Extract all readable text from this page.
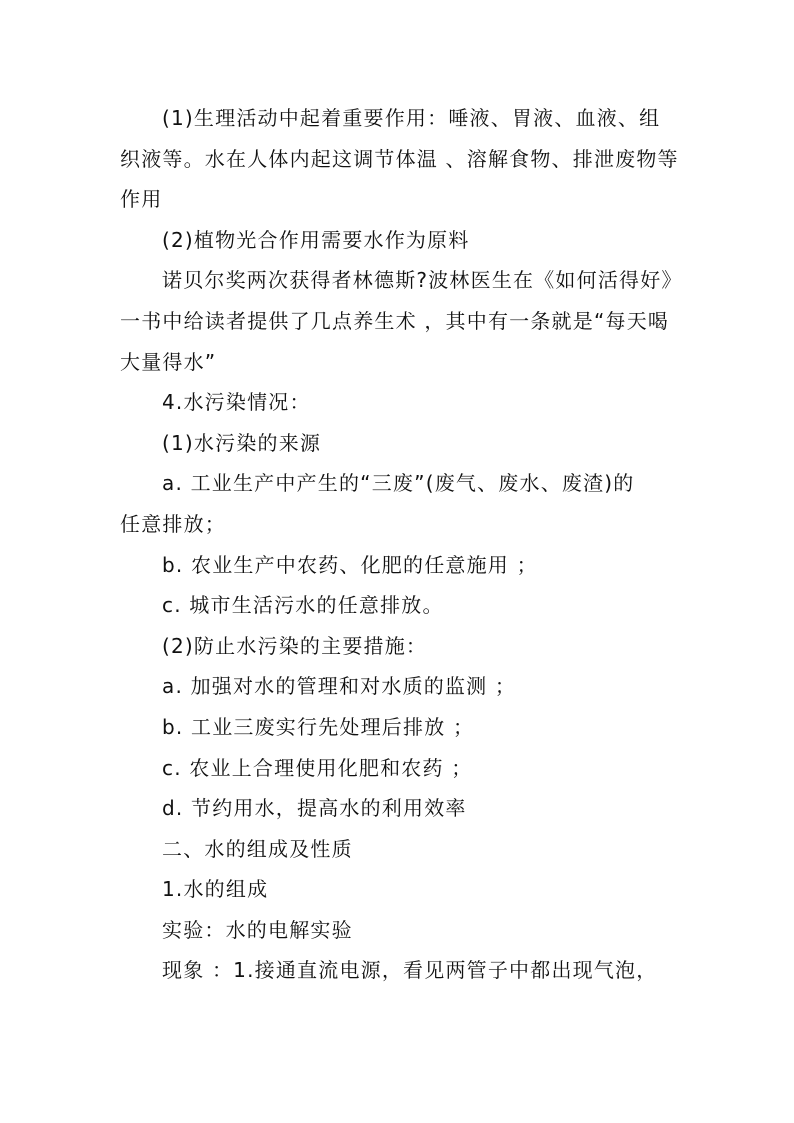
(1)生理活动中起着重要作用：唾液、胃液、血液、组
织液等。水在人体内起这调节体温 、溶解食物、排泄废物等
作用
(2)植物光合作用需要水作为原料
诺贝尔奖两次获得者林德斯?波林医生在《如何活得好》
一书中给读者提供了几点养生术 ，其中有一条就是“每天喝
大量得水”
4.水污染情况：
(1)水污染的来源
a. 工业生产中产生的“三废”(废气、废水、废渣)的
任意排放；
b. 农业生产中农药、化肥的任意施用 ；
c. 城市生活污水的任意排放。
(2)防止水污染的主要措施：
a. 加强对水的管理和对水质的监测 ；
b. 工业三废实行先处理后排放 ；
c. 农业上合理使用化肥和农药 ；
d. 节约用水，提高水的利用效率
二、水的组成及性质
1.水的组成
实验：水的电解实验
现象 ：1.接通直流电源，看见两管子中都出现气泡，
